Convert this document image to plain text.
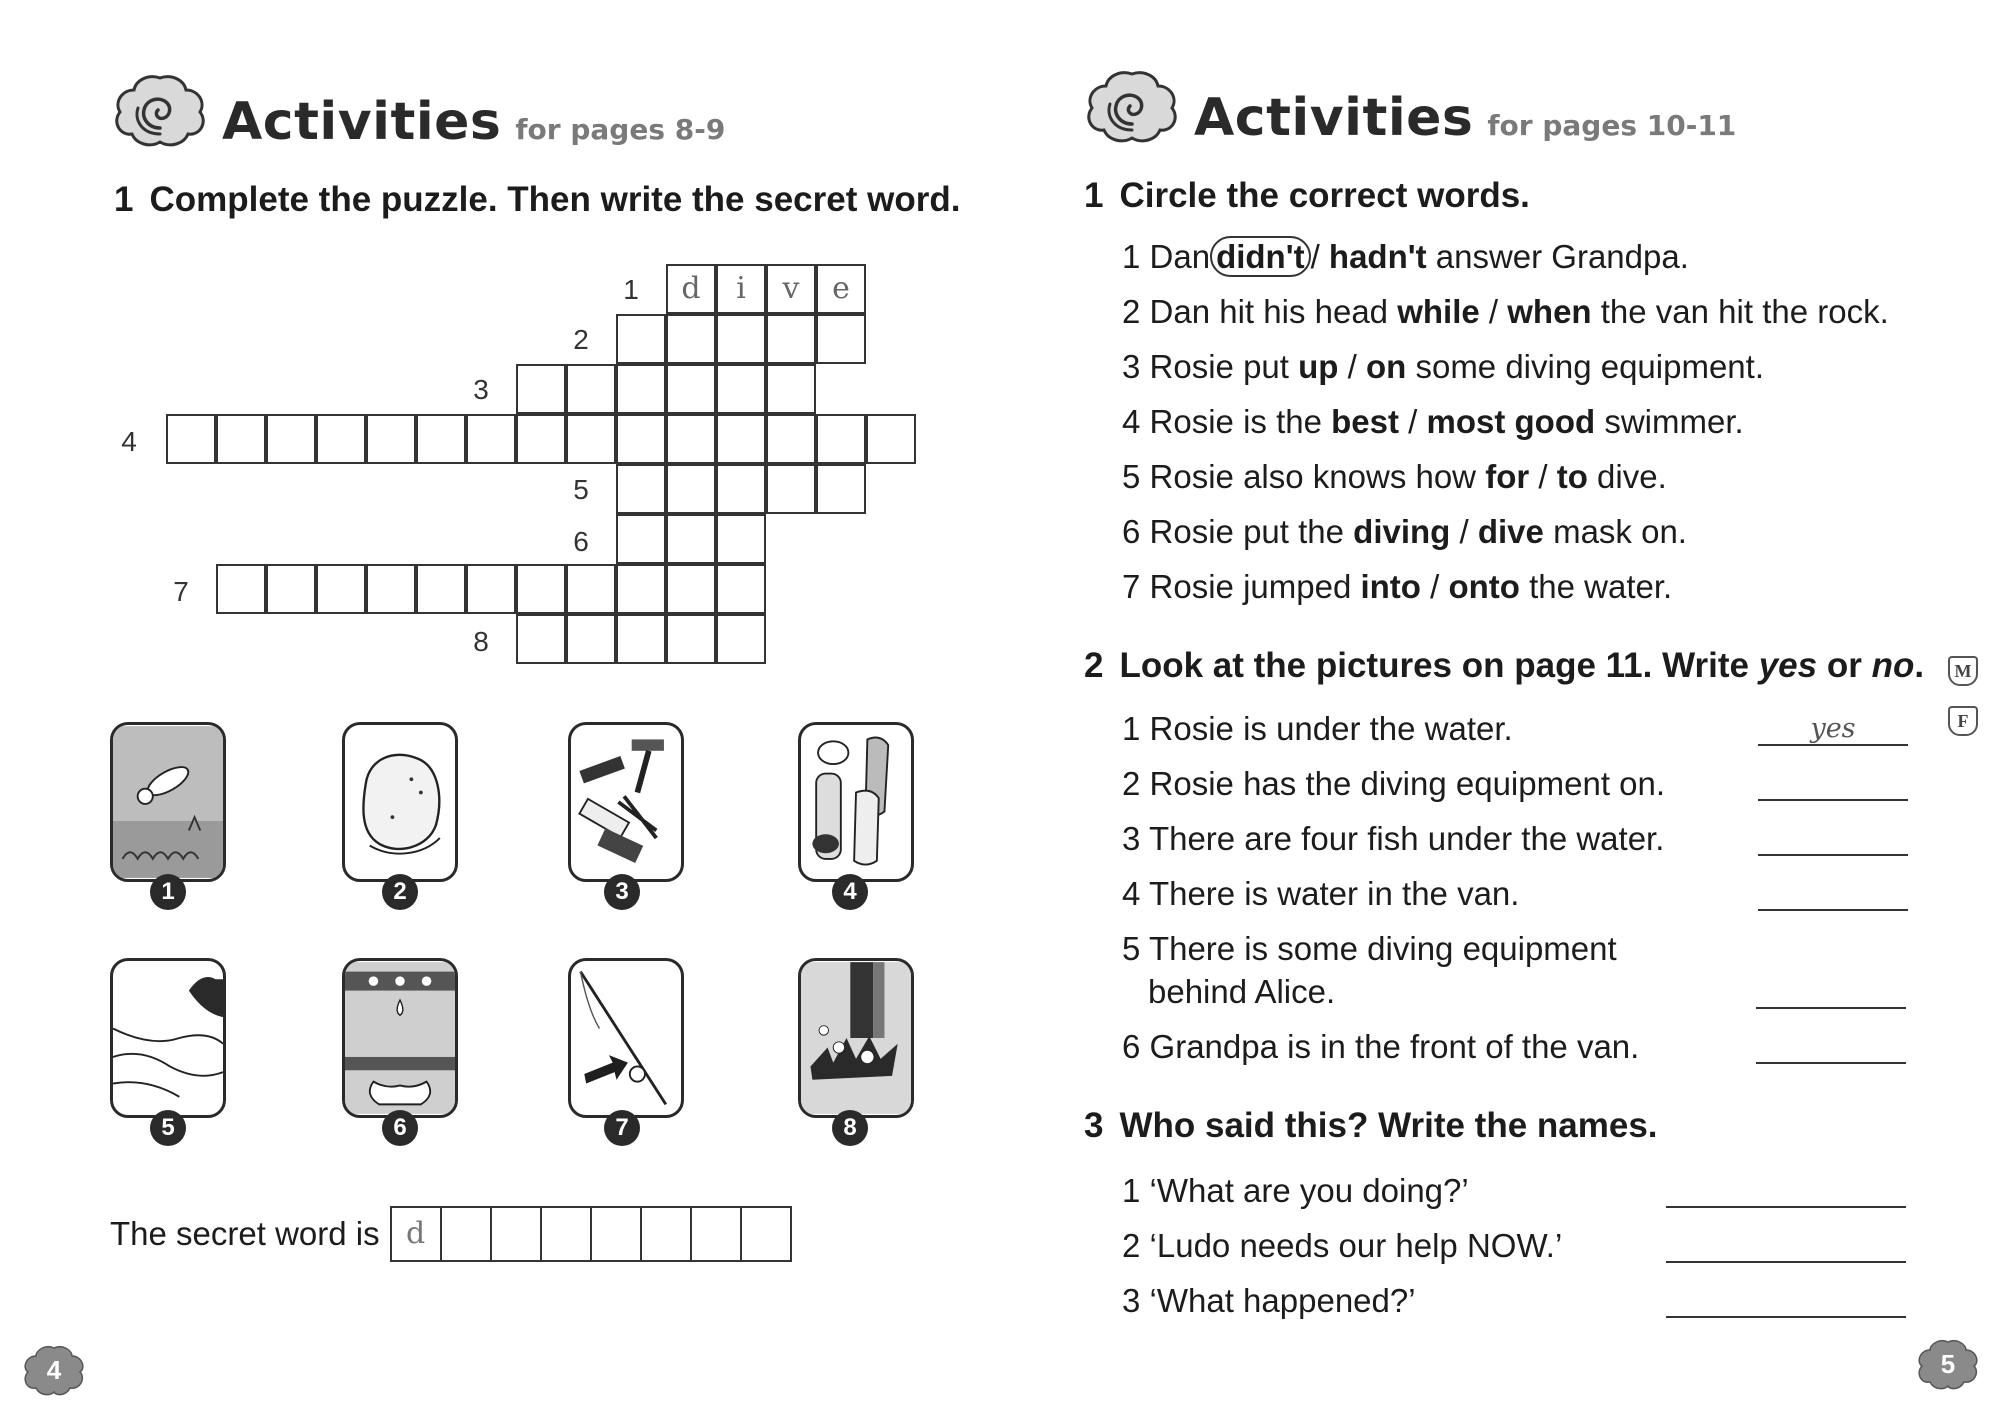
Activities for pages 8-9
1 Complete the puzzle. Then write the secret word.
d	i	v	e
1
2
3
4
5
6
7
8
1	2	3	4
5	6	7	8
The secret word is d
4
Activities for pages 10-11
1 Circle the correct words.
1 Dan didn't / hadn't answer Grandpa.
2 Dan hit his head while / when the van hit the rock.
3 Rosie put up / on some diving equipment.
4 Rosie is the best / most good swimmer.
5 Rosie also knows how for / to dive.
6 Rosie put the diving / dive mask on.
7 Rosie jumped into / onto the water.
2 Look at the pictures on page 11. Write yes or no.	M
F
1 Rosie is under the water.	yes
2 Rosie has the diving equipment on.
3 There are four fish under the water.
4 There is water in the van.
5 There is some diving equipment
behind Alice.
6 Grandpa is in the front of the van.
3 Who said this? Write the names.
1 ‘What are you doing?’
2 ‘Ludo needs our help NOW.’
3 ‘What happened?’
5
